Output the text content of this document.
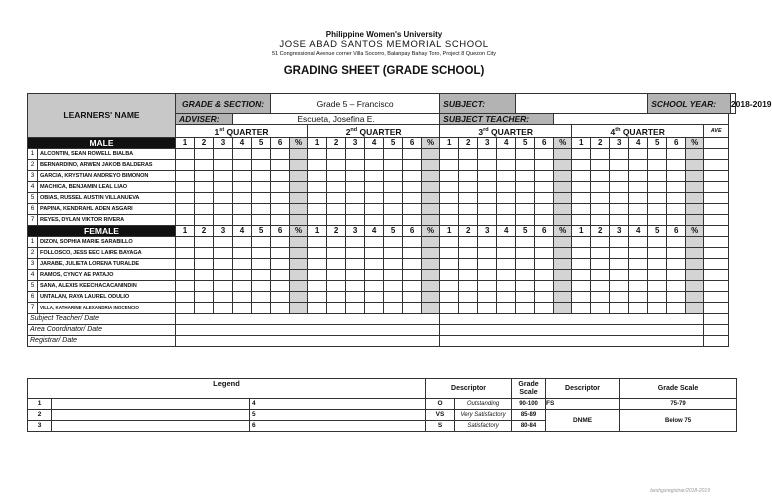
Philippine Women's University
JOSE ABAD SANTOS MEMORIAL SCHOOL
51 Congressional Avenue corner Villa Socorro, Balanpay Bahay Toro, Project 8 Quezon City
GRADING SHEET (GRADE SCHOOL)
LEARNERS' NAME		GRADE & SECTION:					Grade 5 – Francisco									SUBJECT:											SCHOOL YEAR:				2018-2019
		ADVISER:			Escueta, Josefina E.											SUBJECT TEACHER:															
		1st QUARTER							2nd QUARTER							3rd QUARTER							4th QUARTER							AVE	
MALE		1	2	3	4	5	6	%	1	2	3	4	5	6	%	1	2	3	4	5	6	%	1	2	3	4	5	6	%		
1	ALCONTIN, SEAN ROWELL BIALBA																														
2	BERNARDINO, ARWEN JAKOB BALDERAS																														
3	GARCIA, KRYSTIAN ANDREYO BIMONON																														
4	MACHICA, BENJAMIN LEAL LIAO																														
5	OBIAS, RUSSEL AUSTIN VILLANUEVA																														
6	PAPINA, KENDRAHL ADEN ASGARI																														
7	REYES, DYLAN VIKTOR RIVERA																														
FEMALE		1	2	3	4	5	6	%	1	2	3	4	5	6	%	1	2	3	4	5	6	%	1	2	3	4	5	6	%		
1	DIZON, SOPHIA MARIE SARABILLO																														
2	FOLLOSCO, JESS EEC LAIRE BAYAGA																														
3	JARABE, JULIETA LORENA TURALDE																														
4	RAMOS, CYNCY AE PATAJO																														
5	SANA, ALEXIS KEECHACACANINDIN																														
6	UNTALAN, RAYA LAUREL ODULIO																														
7	VILLA, KATHARINE ALEXANDRIA INOCENCIO																														
Subject Teacher/ Date																															
Area Coordinator/ Date																															
Registrar/ Date																															
Legend			Descriptor		Grade Scale	Descriptor	Grade Scale
1		4	O	Outstanding	90-100	FS	75-79
2		5	VS	Very Satisfactory	85-89	DNME	Below 75
3		6	S	Satisfactory	80-84		
beshgsregistrar/2018-2019
